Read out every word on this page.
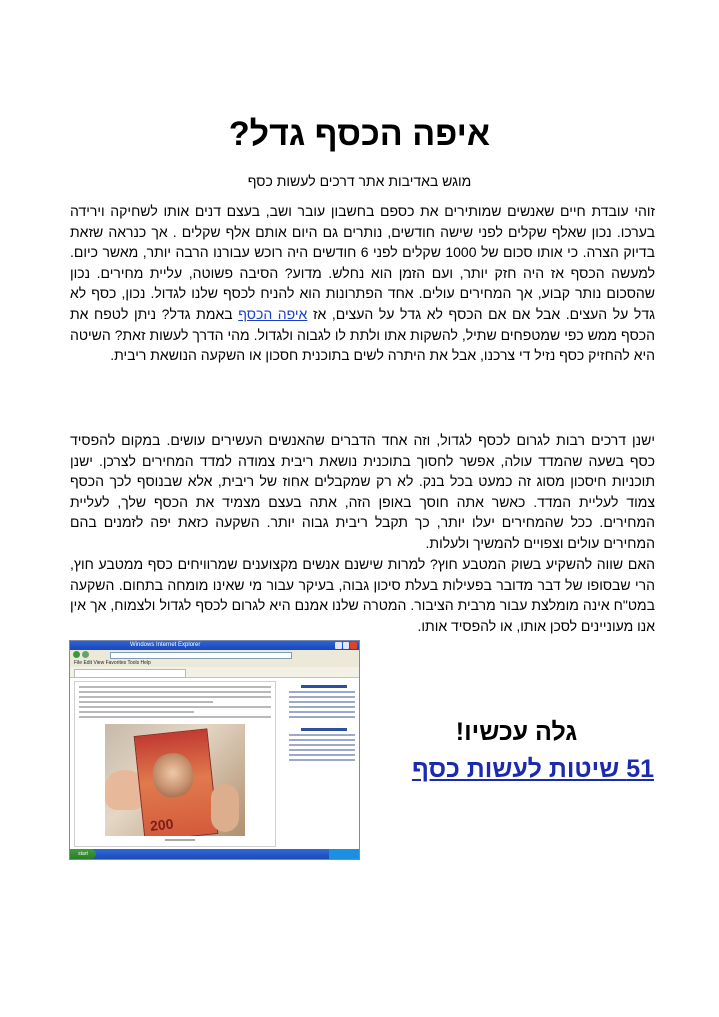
איפה הכסף גדל?
מוגש באדיבות אתר דרכים לעשות כסף
זוהי עובדת חיים שאנשים שמותירים את כספם בחשבון עובר ושב, בעצם דנים אותו לשחיקה וירידה בערכו. נכון שאלף שקלים לפני שישה חודשים, נותרים גם היום אותם אלף שקלים . אך כנראה שזאת בדיוק הצרה. כי אותו סכום של 1000 שקלים לפני 6 חודשים היה רוכש עבורנו הרבה יותר, מאשר כיום. למעשה הכסף אז היה חזק יותר, ועם הזמן הוא נחלש. מדוע? הסיבה פשוטה, עליית מחירים. נכון שהסכום נותר קבוע, אך המחירים עולים. אחד הפתרונות הוא להניח לכסף שלנו לגדול. נכון, כסף לא גדל על העצים. אבל אם אם הכסף לא גדל על העצים, אז איפה הכסף באמת גדל? ניתן לטפח את הכסף ממש כפי שמטפחים שתיל, להשקות אתו ולתת לו לגבוה ולגדול. מהי הדרך לעשות זאת? השיטה היא להחזיק כסף נזיל די צרכנו, אבל את היתרה לשים בתוכנית חסכון או השקעה הנושאת ריבית.
ישנן דרכים רבות לגרום לכסף לגדול, וזה אחד הדברים שהאנשים העשירים עושים. במקום להפסיד כסף בשעה שהמדד עולה, אפשר לחסוך בתוכנית נושאת ריבית צמודה למדד המחירים לצרכן. ישנן תוכניות חיסכון מסוג זה כמעט בכל בנק. לא רק שמקבלים אחוז של ריבית, אלא שבנוסף לכך הכסף צמוד לעליית המדד. כאשר אתה חוסך באופן הזה, אתה בעצם מצמיד את הכסף שלך, לעליית המחירים. ככל שהמחירים יעלו יותר, כך תקבל ריבית גבוה יותר. השקעה כזאת יפה לזמנים בהם המחירים עולים וצפויים להמשיך ולעלות.
האם שווה להשקיע בשוק המטבע חוץ? למרות שישנם אנשים מקצוענים שמרוויחים כסף ממטבע חוץ, הרי שבסופו של דבר מדובר בפעילות בעלת סיכון גבוה, בעיקר עבור מי שאינו מומחה בתחום. השקעה במט"ח אינה מומלצת עבור מרבית הציבור. המטרה שלנו אמנם היא לגרום לכסף לגדול ולצמוח, אך אין אנו מעוניינים לסכן אותו, או להפסיד אותו.
Windows Internet Explorer
File Edit View Favorites Tools Help
200
start
גלה עכשיו!
51 שיטות לעשות כסף
